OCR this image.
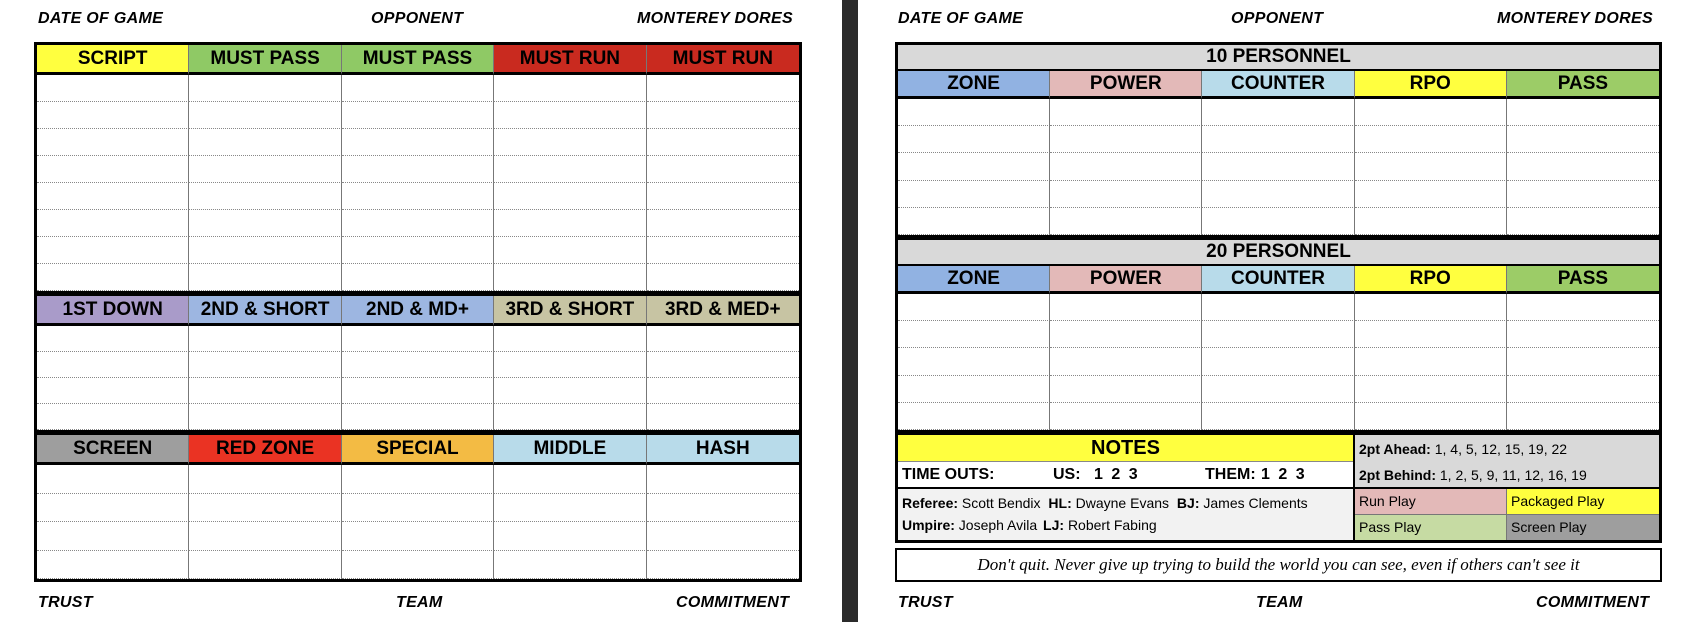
DATE OF GAME	OPPONENT	MONTEREY DORES
SCRIPT	MUST PASS	MUST PASS	MUST RUN	MUST RUN
1ST DOWN	2ND & SHORT	2ND & MD+	3RD & SHORT	3RD & MED+
SCREEN	RED ZONE	SPECIAL	MIDDLE	HASH
TRUST	TEAM	COMMITMENT
DATE OF GAME	OPPONENT	MONTEREY DORES
10 PERSONNEL
ZONE	POWER	COUNTER	RPO	PASS
20 PERSONNEL
ZONE	POWER	COUNTER	RPO	PASS
NOTES
TIME OUTS:	US: 1 2 3	THEM: 1 2 3
Referee: Scott Bendix HL: Dwayne Evans BJ: James Clements
Umpire: Joseph Avila LJ: Robert Fabing
2pt Ahead: 1, 4, 5, 12, 15, 19, 22
2pt Behind: 1, 2, 5, 9, 11, 12, 16, 19
Run Play	Packaged Play
Pass Play	Screen Play
Don't quit. Never give up trying to build the world you can see, even if others can't see it
TRUST	TEAM	COMMITMENT
